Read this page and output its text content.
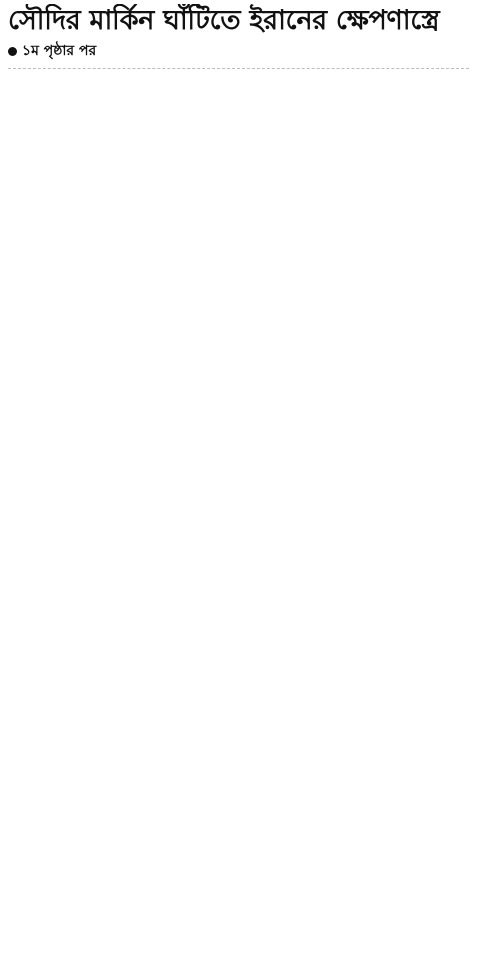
সৌদির মার্কিন ঘাঁটিতে ইরানের ক্ষেপণাস্ত্রে
১ম পৃষ্ঠার পর
